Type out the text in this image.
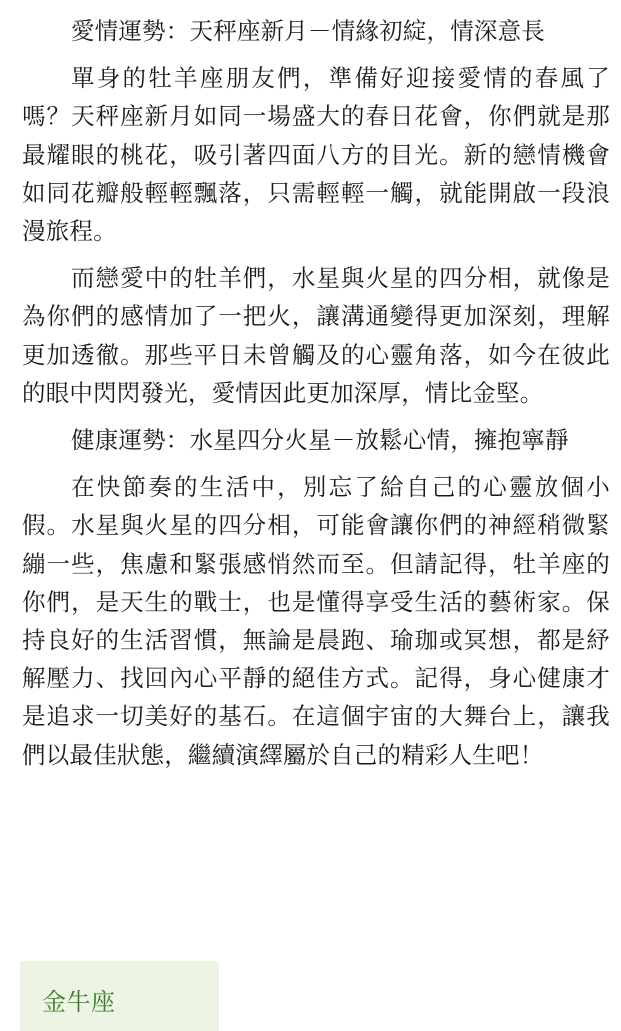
愛情運勢：天秤座新月－情緣初綻，情深意長

單身的牡羊座朋友們，準備好迎接愛情的春風了嗎？天秤座新月如同一場盛大的春日花會，你們就是那最耀眼的桃花，吸引著四面八方的目光。新的戀情機會如同花瓣般輕輕飄落，只需輕輕一觸，就能開啟一段浪漫旅程。

而戀愛中的牡羊們，水星與火星的四分相，就像是為你們的感情加了一把火，讓溝通變得更加深刻，理解更加透徹。那些平日未曾觸及的心靈角落，如今在彼此的眼中閃閃發光，愛情因此更加深厚，情比金堅。

健康運勢：水星四分火星－放鬆心情，擁抱寧靜

在快節奏的生活中，別忘了給自己的心靈放個小假。水星與火星的四分相，可能會讓你們的神經稍微緊繃一些，焦慮和緊張感悄然而至。但請記得，牡羊座的你們，是天生的戰士，也是懂得享受生活的藝術家。保持良好的生活習慣，無論是晨跑、瑜珈或冥想，都是紓解壓力、找回內心平靜的絕佳方式。記得，身心健康才是追求一切美好的基石。在這個宇宙的大舞台上，讓我們以最佳狀態，繼續演繹屬於自己的精彩人生吧！

金牛座
